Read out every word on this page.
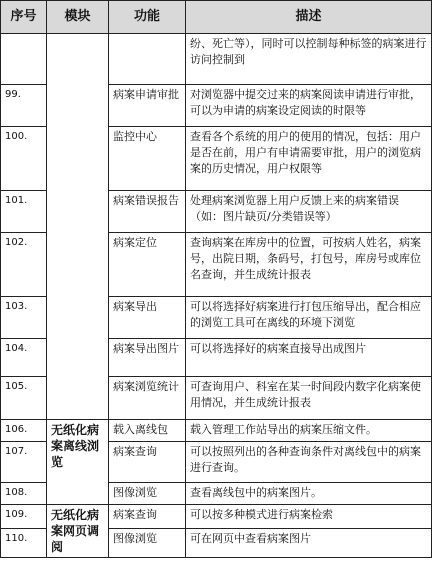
序号	模块	功能	描述
			纷、死亡等），同时可以控制每种标签的病案进行访问控制到
99.		病案申请审批	对浏览器中提交过来的病案阅读申请进行审批，可以为申请的病案设定阅读的时限等
100.		监控中心	查看各个系统的用户的使用的情况，包括：用户是否在前，用户有申请需要审批，用户的浏览病案的历史情况，用户权限等
101.		病案错误报告	处理病案浏览器上用户反馈上来的病案错误（如：图片缺页/分类错误等）
102.		病案定位	查询病案在库房中的位置，可按病人姓名，病案号，出院日期，条码号，打包号，库房号或库位名查询，并生成统计报表
103.		病案导出	可以将选择好病案进行打包压缩导出，配合相应的浏览工具可在离线的环境下浏览
104.		病案导出图片	可以将选择好的病案直接导出成图片
105.		病案浏览统计	可查询用户、科室在某一时间段内数字化病案使用情况，并生成统计报表
106.	无纸化病案离线浏览	载入离线包	载入管理工作站导出的病案压缩文件。
107.		病案查询	可以按照列出的各种查询条件对离线包中的病案进行查询。
108.		图像浏览	查看离线包中的病案图片。
109.	无纸化病案网页调阅	病案查询	可以按多种模式进行病案检索
110.		图像浏览	可在网页中查看病案图片
